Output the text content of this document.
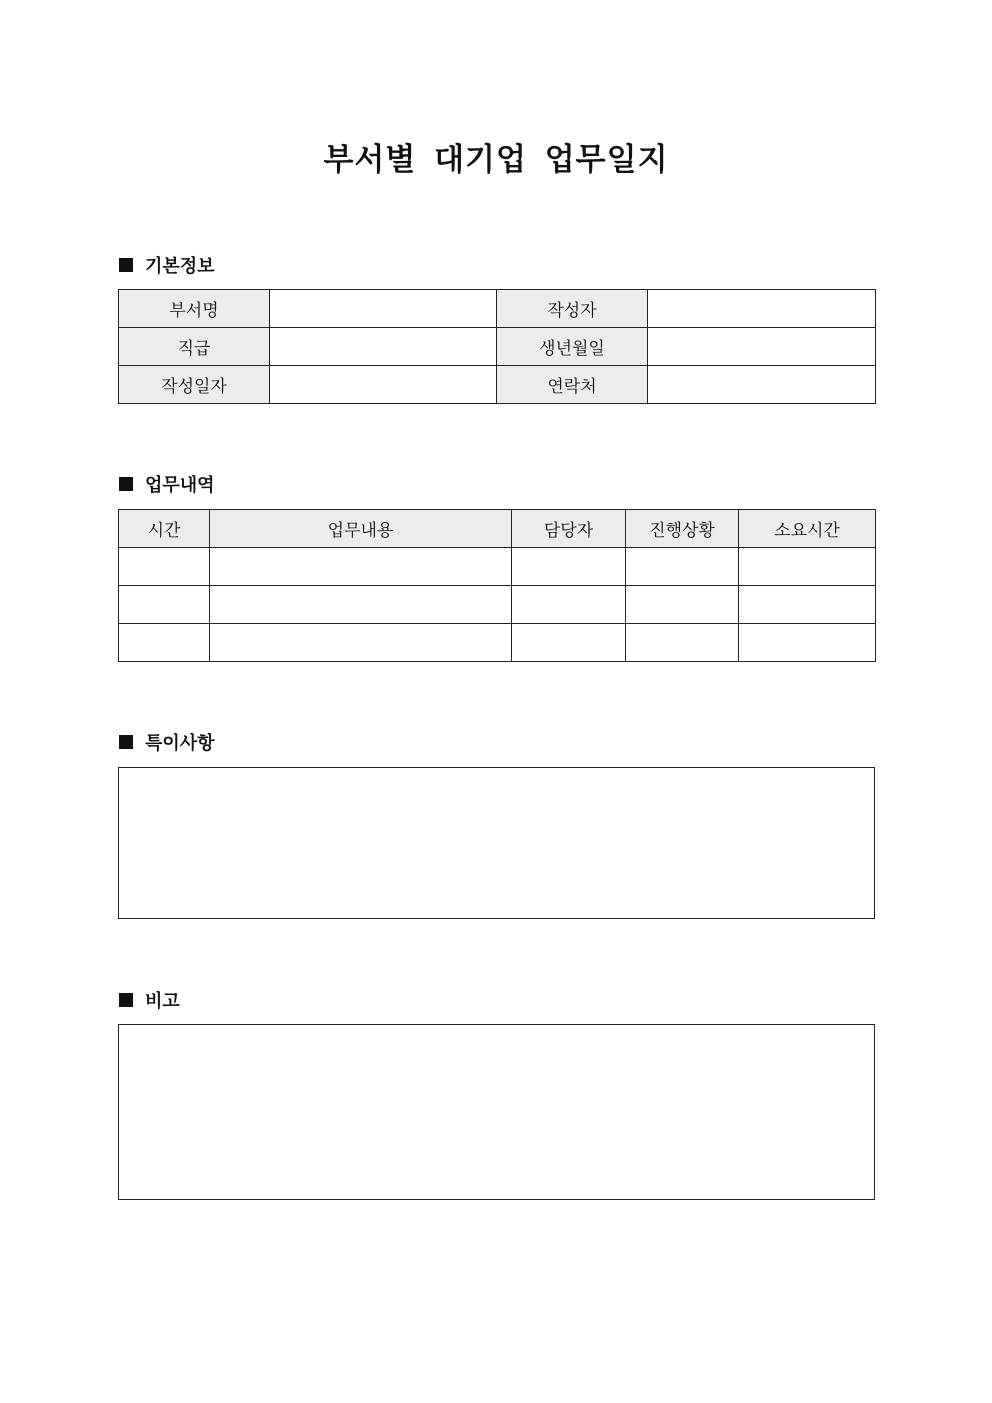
부서별 대기업 업무일지
기본정보
부서명		작성자	
직급		생년월일	
작성일자		연락처	
업무내역
시간	업무내용	담당자	진행상황	소요시간

특이사항
비고
